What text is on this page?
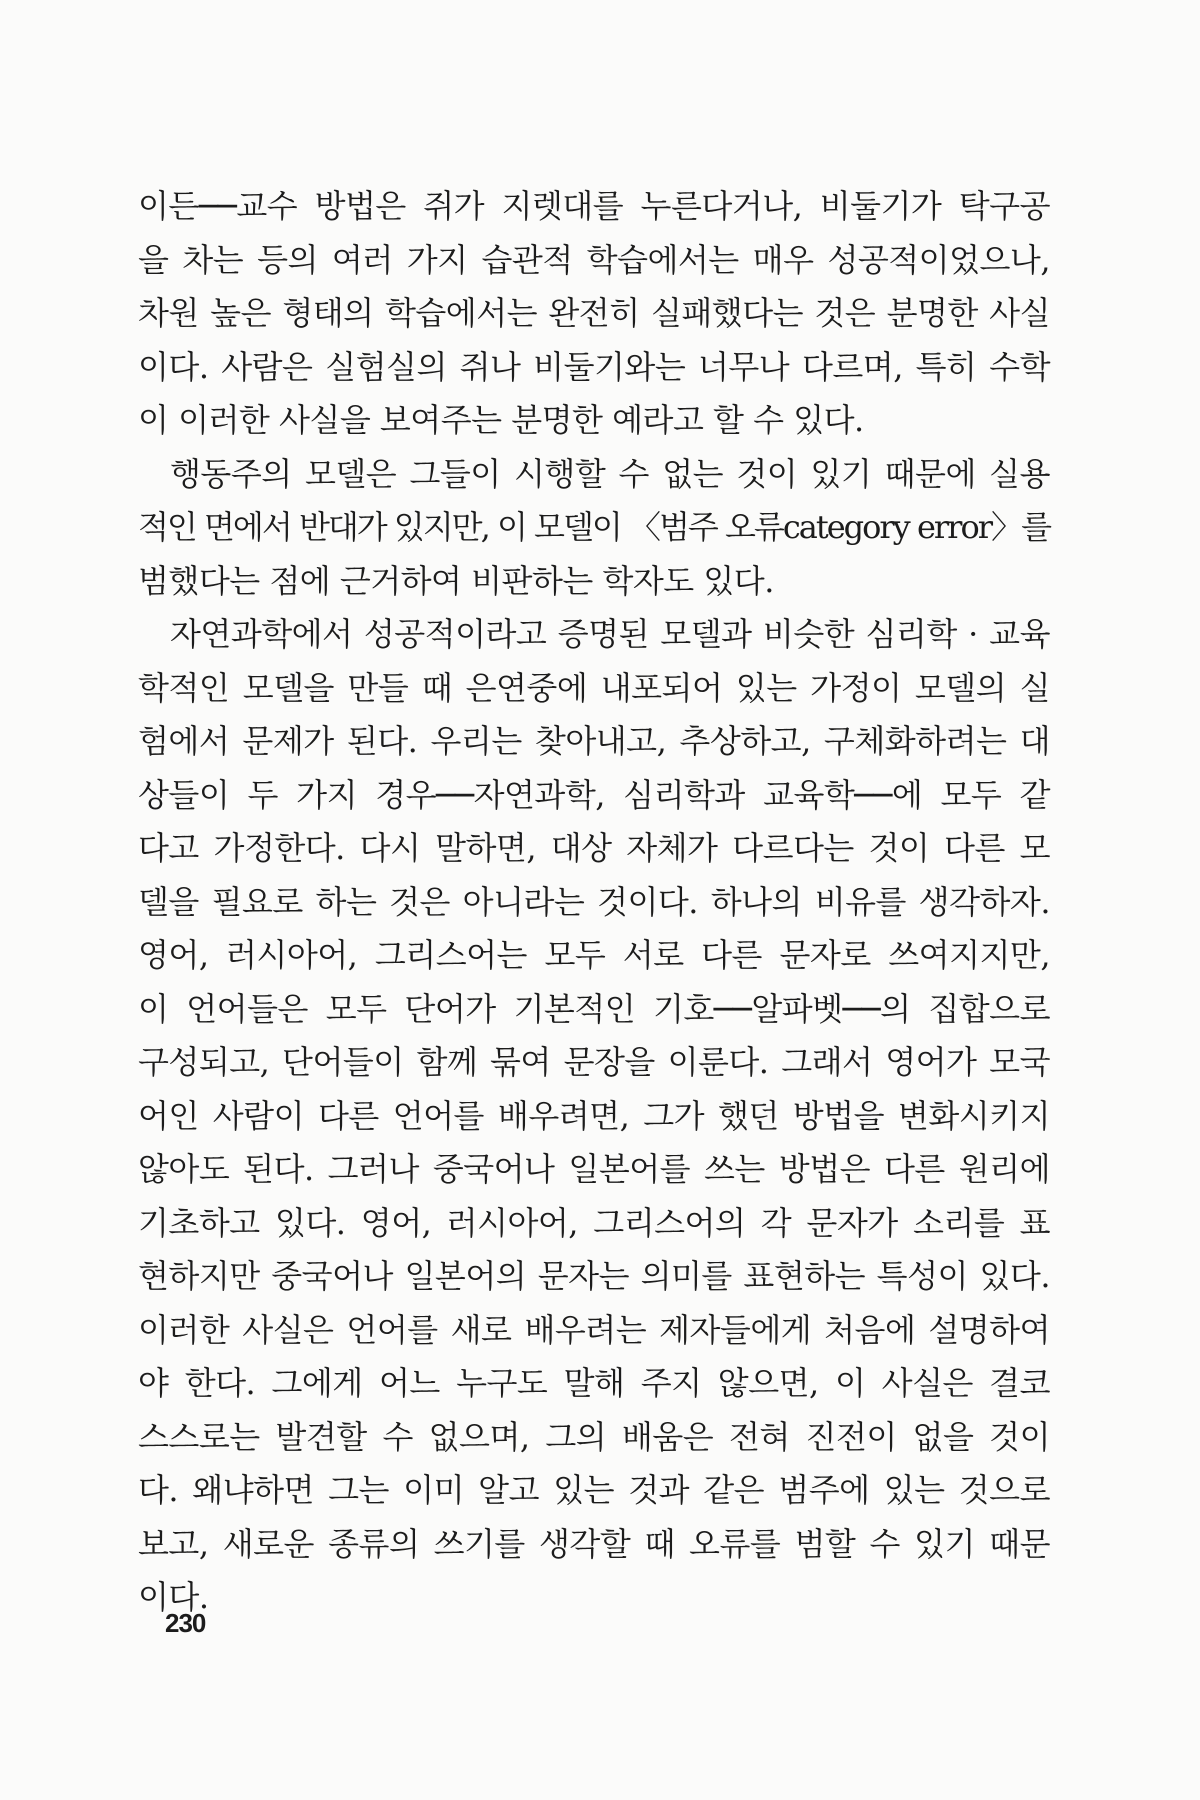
이든──교수 방법은 쥐가 지렛대를 누른다거나, 비둘기가 탁구공
을 차는 등의 여러 가지 습관적 학습에서는 매우 성공적이었으나,
차원 높은 형태의 학습에서는 완전히 실패했다는 것은 분명한 사실
이다. 사람은 실험실의 쥐나 비둘기와는 너무나 다르며, 특히 수학
이 이러한 사실을 보여주는 분명한 예라고 할 수 있다.
행동주의 모델은 그들이 시행할 수 없는 것이 있기 때문에 실용
적인 면에서 반대가 있지만, 이 모델이 〈범주 오류category error〉를
범했다는 점에 근거하여 비판하는 학자도 있다.
자연과학에서 성공적이라고 증명된 모델과 비슷한 심리학 · 교육
학적인 모델을 만들 때 은연중에 내포되어 있는 가정이 모델의 실
험에서 문제가 된다. 우리는 찾아내고, 추상하고, 구체화하려는 대
상들이 두 가지 경우──자연과학, 심리학과 교육학──에 모두 같
다고 가정한다. 다시 말하면, 대상 자체가 다르다는 것이 다른 모
델을 필요로 하는 것은 아니라는 것이다. 하나의 비유를 생각하자.
영어, 러시아어, 그리스어는 모두 서로 다른 문자로 쓰여지지만,
이 언어들은 모두 단어가 기본적인 기호──알파벳──의 집합으로
구성되고, 단어들이 함께 묶여 문장을 이룬다. 그래서 영어가 모국
어인 사람이 다른 언어를 배우려면, 그가 했던 방법을 변화시키지
않아도 된다. 그러나 중국어나 일본어를 쓰는 방법은 다른 원리에
기초하고 있다. 영어, 러시아어, 그리스어의 각 문자가 소리를 표
현하지만 중국어나 일본어의 문자는 의미를 표현하는 특성이 있다.
이러한 사실은 언어를 새로 배우려는 제자들에게 처음에 설명하여
야 한다. 그에게 어느 누구도 말해 주지 않으면, 이 사실은 결코
스스로는 발견할 수 없으며, 그의 배움은 전혀 진전이 없을 것이
다. 왜냐하면 그는 이미 알고 있는 것과 같은 범주에 있는 것으로
보고, 새로운 종류의 쓰기를 생각할 때 오류를 범할 수 있기 때문
이다.
230
